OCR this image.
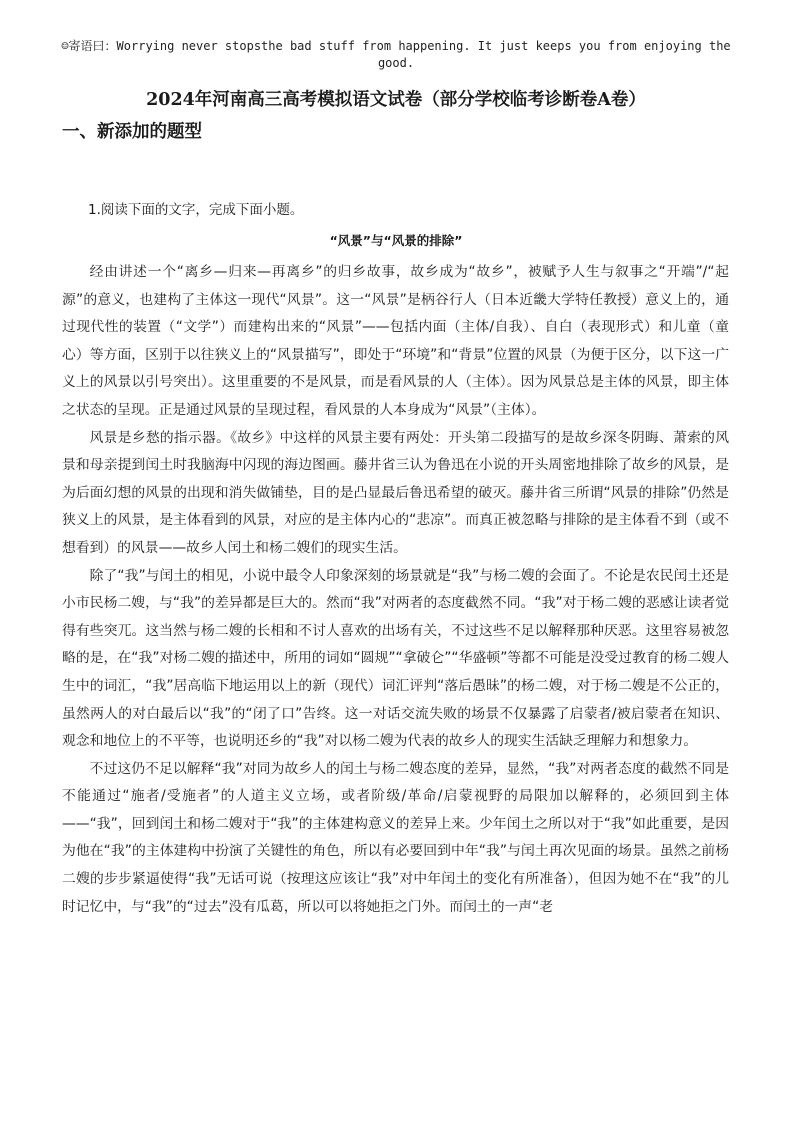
☺寄语曰：Worrying never stopsthe bad stuff from happening. It just keeps you from enjoying the good.
2024年河南高三高考模拟语文试卷（部分学校临考诊断卷A卷）
一、新添加的题型
1.阅读下面的文字，完成下面小题。
“风景”与“风景的排除”

经由讲述一个“离乡—归来—再离乡”的归乡故事，故乡成为“故乡”，被赋予人生与叙事之“开端”/“起源”的意义，也建构了主体这一现代“风景”。这一“风景”是柄谷行人（日本近畿大学特任教授）意义上的，通过现代性的装置（“文学”）而建构出来的“风景”——包括内面（主体/自我）、自白（表现形式）和儿童（童心）等方面，区别于以往狭义上的“风景描写”，即处于“环境”和“背景”位置的风景（为便于区分，以下这一广义上的风景以引号突出）。这里重要的不是风景，而是看风景的人（主体）。因为风景总是主体的风景，即主体之状态的呈现。正是通过风景的呈现过程，看风景的人本身成为“风景”（主体）。

风景是乡愁的指示器。《故乡》中这样的风景主要有两处：开头第二段描写的是故乡深冬阴晦、萧索的风景和母亲提到闰土时我脑海中闪现的海边图画。藤井省三认为鲁迅在小说的开头周密地排除了故乡的风景，是为后面幻想的风景的出现和消失做铺垫，目的是凸显最后鲁迅希望的破灭。藤井省三所谓“风景的排除”仍然是狭义上的风景，是主体看到的风景，对应的是主体内心的“悲凉”。而真正被忽略与排除的是主体看不到（或不想看到）的风景——故乡人闰土和杨二嫂们的现实生活。

除了“我”与闰土的相见，小说中最令人印象深刻的场景就是“我”与杨二嫂的会面了。不论是农民闰土还是小市民杨二嫂，与“我”的差异都是巨大的。然而“我”对两者的态度截然不同。“我”对于杨二嫂的恶感让读者觉得有些突兀。这当然与杨二嫂的长相和不讨人喜欢的出场有关，不过这些不足以解释那种厌恶。这里容易被忽略的是，在“我”对杨二嫂的描述中，所用的词如“圆规”“拿破仑”“华盛顿”等都不可能是没受过教育的杨二嫂人生中的词汇，“我”居高临下地运用以上的新（现代）词汇评判“落后愚昧”的杨二嫂，对于杨二嫂是不公正的，虽然两人的对白最后以“我”的“闭了口”告终。这一对话交流失败的场景不仅暴露了启蒙者/被启蒙者在知识、观念和地位上的不平等，也说明还乡的“我”对以杨二嫂为代表的故乡人的现实生活缺乏理解力和想象力。

不过这仍不足以解释“我”对同为故乡人的闰土与杨二嫂态度的差异，显然，“我”对两者态度的截然不同是不能通过“施者/受施者”的人道主义立场，或者阶级/革命/启蒙视野的局限加以解释的，必须回到主体——“我”，回到闰土和杨二嫂对于“我”的主体建构意义的差异上来。少年闰土之所以对于“我”如此重要，是因为他在“我”的主体建构中扮演了关键性的角色，所以有必要回到中年“我”与闰土再次见面的场景。虽然之前杨二嫂的步步紧逼使得“我”无话可说（按理这应该让“我”对中年闰土的变化有所准备），但因为她不在“我”的儿时记忆中，与“我”的“过去”没有瓜葛，所以可以将她拒之门外。而闰土的一声“老
